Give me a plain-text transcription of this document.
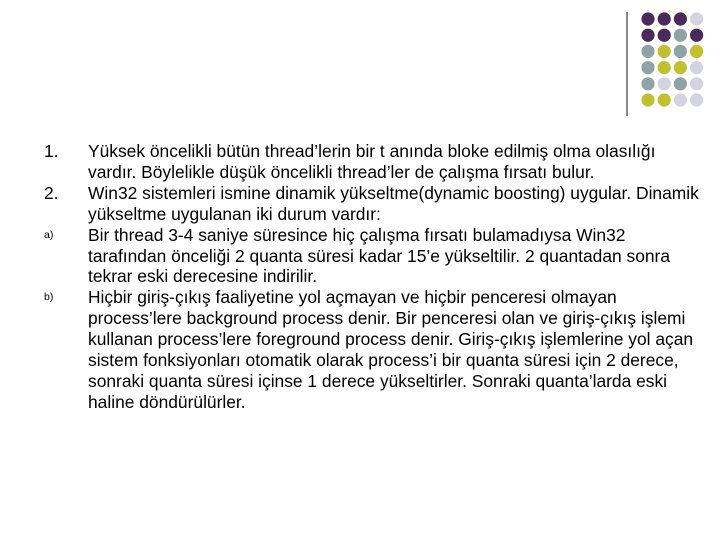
1.	Yüksek öncelikli bütün thread’lerin bir t anında bloke edilmiş olma olasılığı vardır. Böylelikle düşük öncelikli thread’ler de çalışma fırsatı bulur.
2.	Win32 sistemleri ismine dinamik yükseltme(dynamic boosting) uygular. Dinamik yükseltme uygulanan iki durum vardır:
a)	Bir thread 3-4 saniye süresince hiç çalışma fırsatı bulamadıysa Win32 tarafından önceliği 2 quanta süresi kadar 15’e yükseltilir. 2 quantadan sonra tekrar eski derecesine indirilir.
b)	Hiçbir giriş-çıkış faaliyetine yol açmayan ve hiçbir penceresi olmayan process’lere background process denir. Bir penceresi olan ve giriş-çıkış işlemi kullanan process’lere foreground process denir. Giriş-çıkış işlemlerine yol açan sistem fonksiyonları otomatik olarak process’i bir quanta süresi için 2 derece, sonraki quanta süresi içinse 1 derece yükseltirler. Sonraki quanta’larda eski haline döndürülürler.
